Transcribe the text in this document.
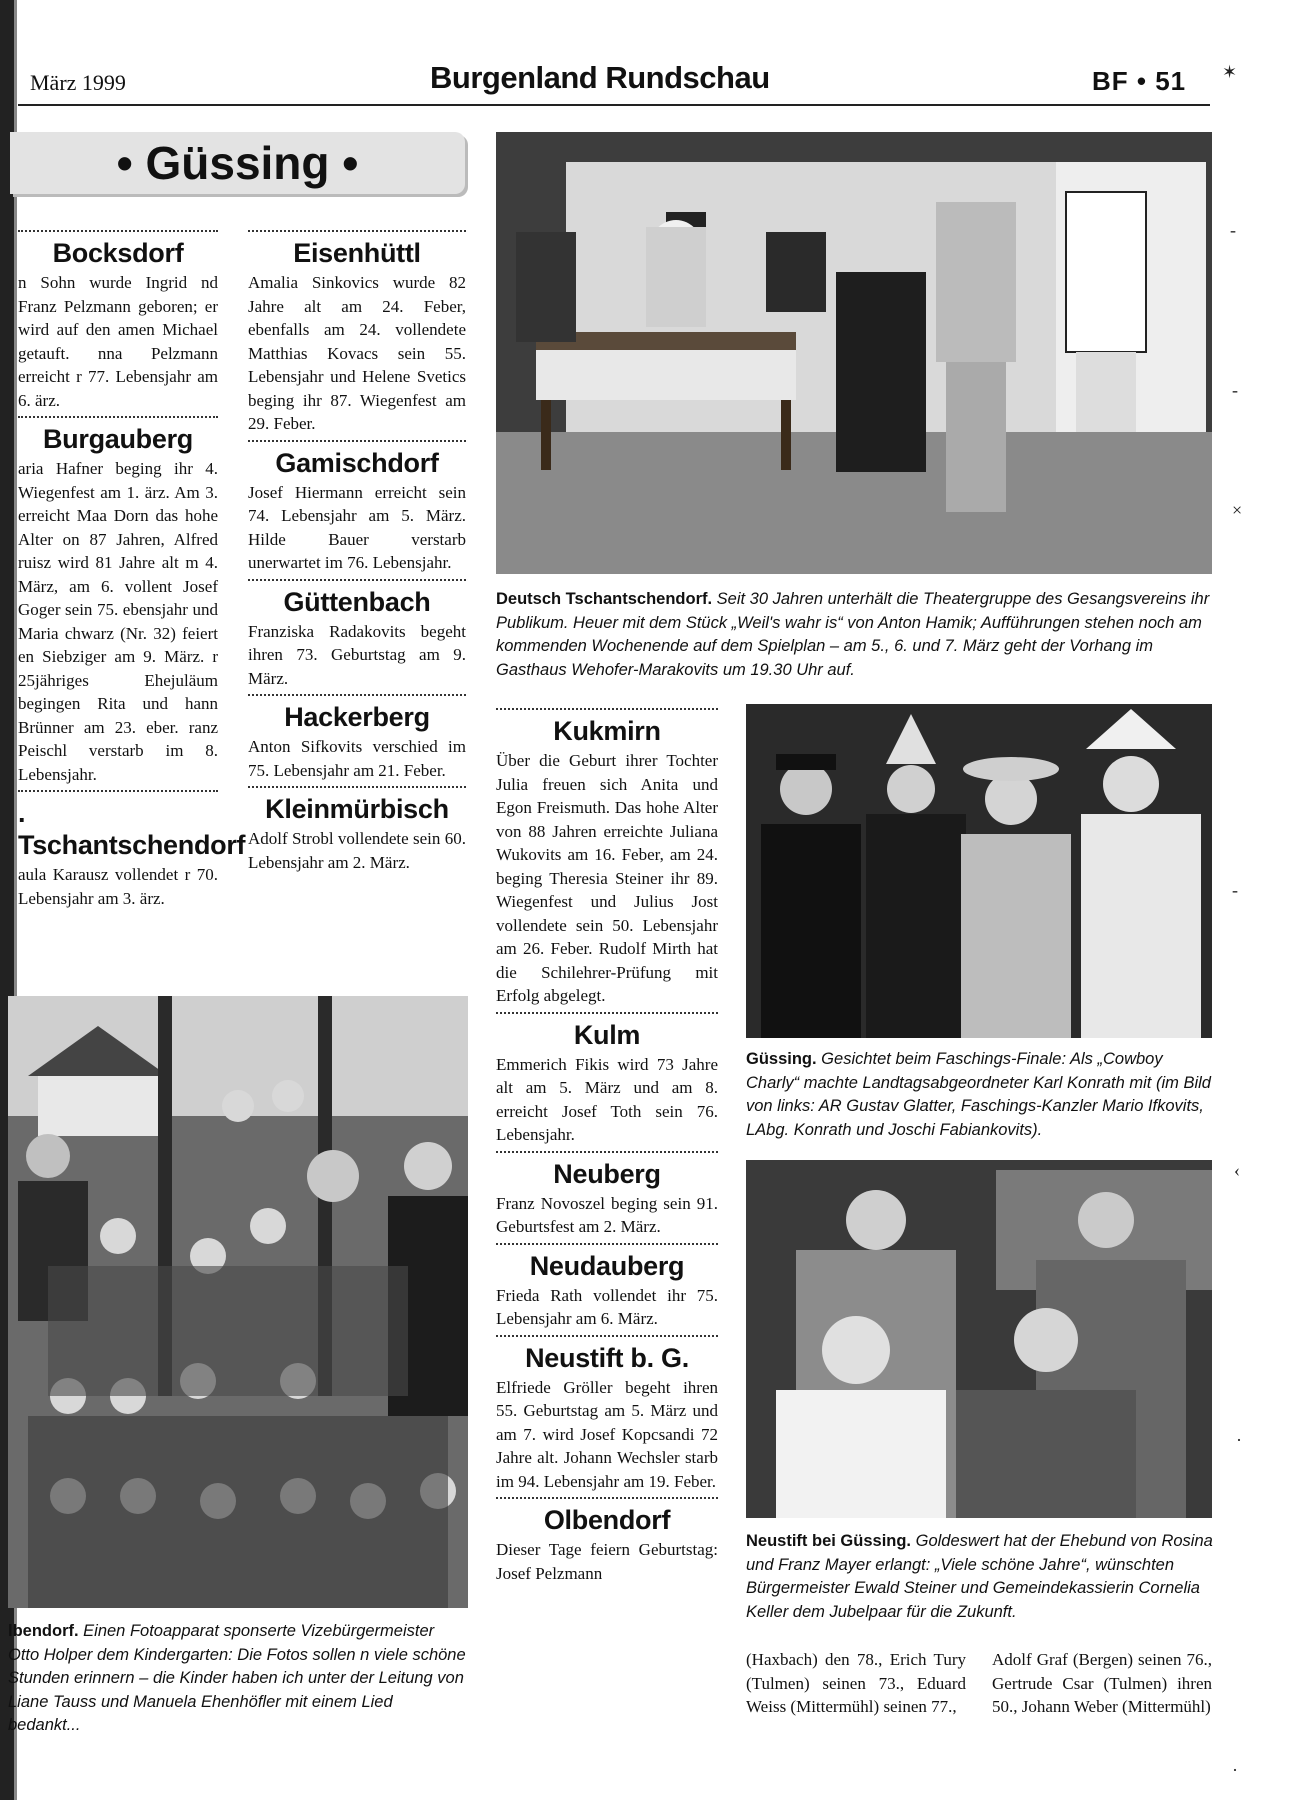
März 1999	Burgenland Rundschau	BF • 51
• Güssing •
Bocksdorf

n Sohn wurde Ingrid nd Franz Pelzmann geboren; er wird auf den amen Michael getauft. nna Pelzmann erreicht r 77. Lebensjahr am 6. ärz.

Burgauberg

aria Hafner beging ihr 4. Wiegenfest am 1. ärz. Am 3. erreicht Maa Dorn das hohe Alter on 87 Jahren, Alfred ruisz wird 81 Jahre alt m 4. März, am 6. vollent Josef Goger sein 75. ebensjahr und Maria chwarz (Nr. 32) feiert en Siebziger am 9. März. r 25jähriges Ehejuläum begingen Rita und hann Brünner am 23. eber. ranz Peischl verstarb im 8. Lebensjahr.

. Tschantschendorf

aula Karausz vollendet r 70. Lebensjahr am 3. ärz.

Eisenhüttl

Amalia Sinkovics wurde 82 Jahre alt am 24. Feber, ebenfalls am 24. vollendete Matthias Kovacs sein 55. Lebensjahr und Helene Svetics beging ihr 87. Wiegenfest am 29. Feber.

Gamischdorf

Josef Hiermann erreicht sein 74. Lebensjahr am 5. März. Hilde Bauer verstarb unerwartet im 76. Lebensjahr.

Güttenbach

Franziska Radakovits begeht ihren 73. Geburtstag am 9. März.

Hackerberg

Anton Sifkovits verschied im 75. Lebensjahr am 21. Feber.

Kleinmürbisch

Adolf Strobl vollendete sein 60. Lebensjahr am 2. März.

Deutsch Tschantschendorf. Seit 30 Jahren unterhält die Theatergruppe des Gesangsvereins ihr Publikum. Heuer mit dem Stück „Weil's wahr is“ von Anton Hamik; Aufführungen stehen noch am kommenden Wochenende auf dem Spielplan – am 5., 6. und 7. März geht der Vorhang im Gasthaus Wehofer-Marakovits um 19.30 Uhr auf.
Kukmirn

Über die Geburt ihrer Tochter Julia freuen sich Anita und Egon Freismuth. Das hohe Alter von 88 Jahren erreichte Juliana Wukovits am 16. Feber, am 24. beging Theresia Steiner ihr 89. Wiegenfest und Julius Jost vollendete sein 50. Lebensjahr am 26. Feber. Rudolf Mirth hat die Schilehrer-Prüfung mit Erfolg abgelegt.

Kulm

Emmerich Fikis wird 73 Jahre alt am 5. März und am 8. erreicht Josef Toth sein 76. Lebensjahr.

Neuberg

Franz Novoszel beging sein 91. Geburtsfest am 2. März.

Neudauberg

Frieda Rath vollendet ihr 75. Lebensjahr am 6. März.

Neustift b. G.

Elfriede Gröller begeht ihren 55. Geburtstag am 5. März und am 7. wird Josef Kopcsandi 72 Jahre alt. Johann Wechsler starb im 94. Lebensjahr am 19. Feber.

Olbendorf

Dieser Tage feiern Geburtstag: Josef Pelzmann

Güssing. Gesichtet beim Faschings-Finale: Als „Cowboy Charly“ machte Landtagsabgeordneter Karl Konrath mit (im Bild von links: AR Gustav Glatter, Faschings-Kanzler Mario Ifkovits, LAbg. Konrath und Joschi Fabiankovits).
Neustift bei Güssing. Goldeswert hat der Ehebund von Rosina und Franz Mayer erlangt: „Viele schöne Jahre“, wünschten Bürgermeister Ewald Steiner und Gemeindekassierin Cornelia Keller dem Jubelpaar für die Zukunft.
lbendorf. Einen Fotoapparat sponserte Vizebürgermeister Otto Holper dem Kindergarten: Die Fotos sollen n viele schöne Stunden erinnern – die Kinder haben ich unter der Leitung von Liane Tauss und Manuela Ehenhöfler mit einem Lied bedankt...
(Haxbach) den 78., Erich Tury (Tulmen) seinen 73., Eduard Weiss (Mittermühl) seinen 77.,
Adolf Graf (Bergen) seinen 76., Gertrude Csar (Tulmen) ihren 50., Johann Weber (Mittermühl)
✶
-
-
×
-
‹
·
·
